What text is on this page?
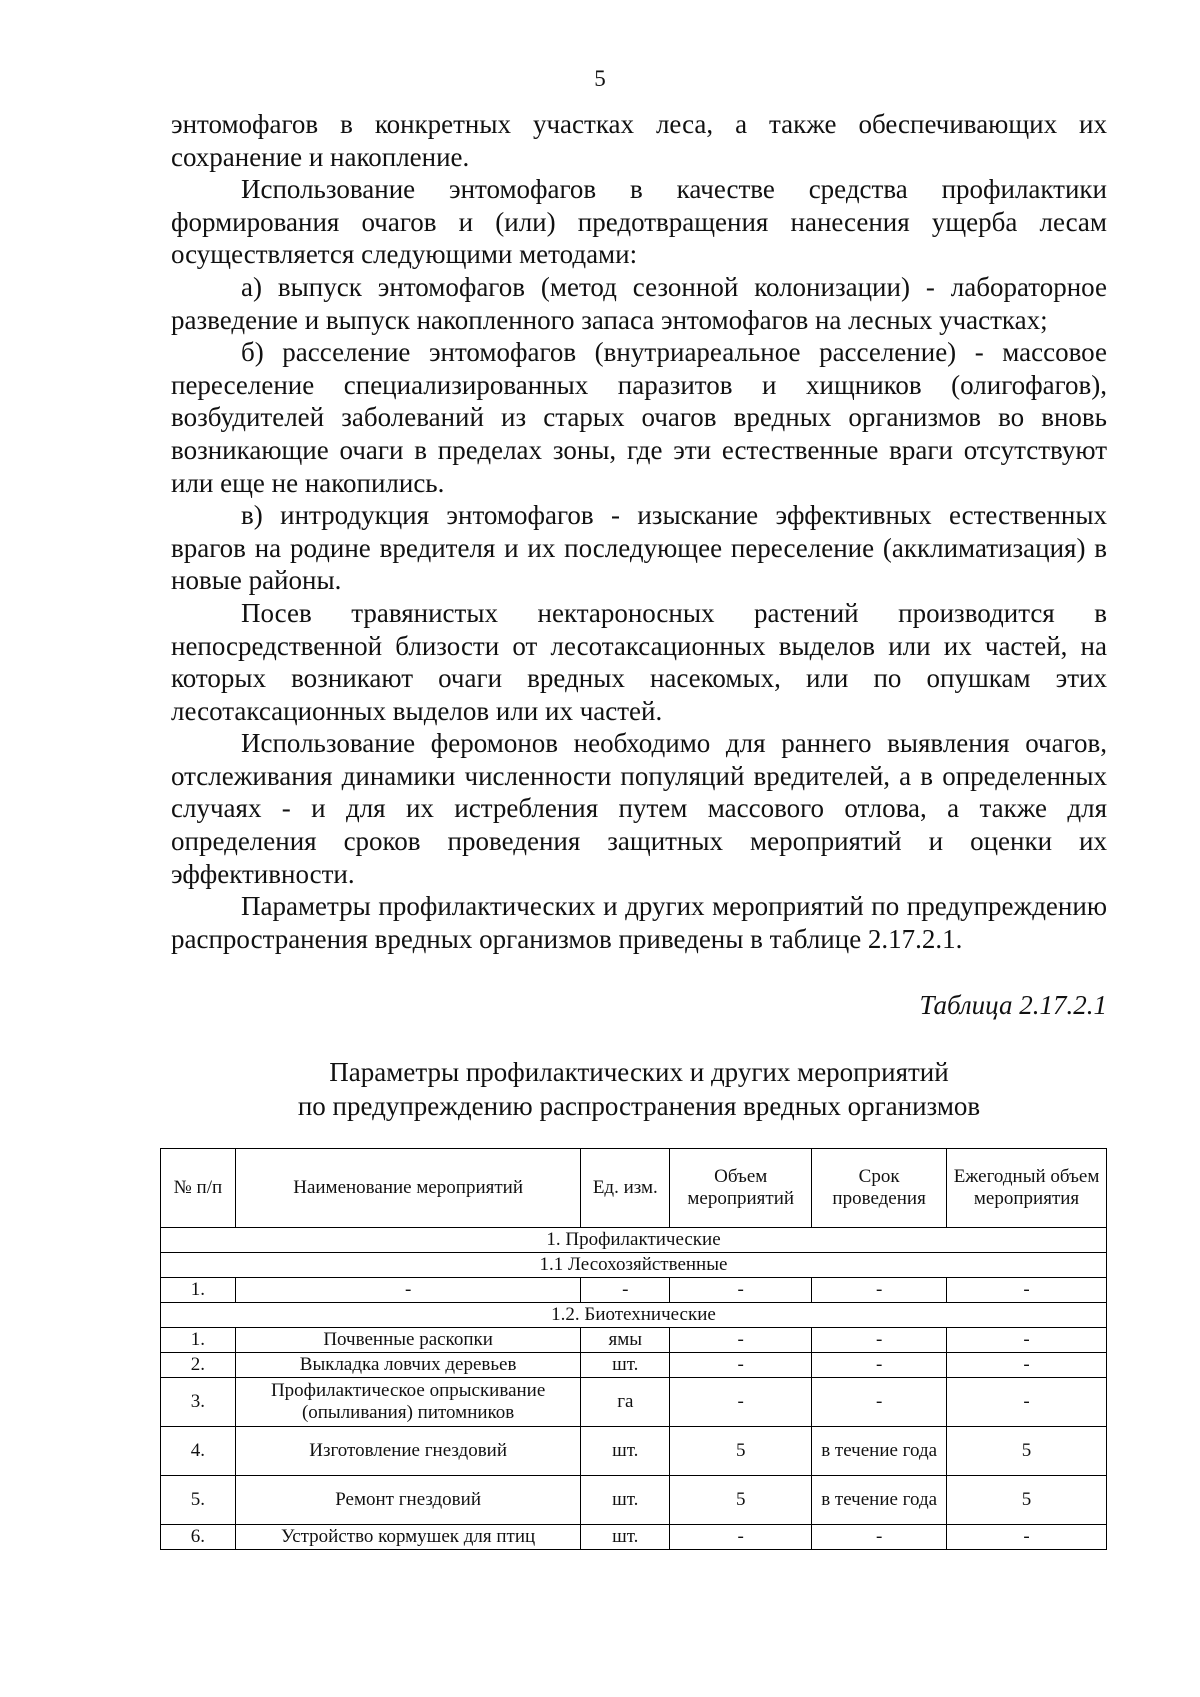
5

энтомофагов в конкретных участках леса, а также обеспечивающих их сохранение и накопление.

Использование энтомофагов в качестве средства профилактики формирования очагов и (или) предотвращения нанесения ущерба лесам осуществляется следующими методами:

а) выпуск энтомофагов (метод сезонной колонизации) - лабораторное разведение и выпуск накопленного запаса энтомофагов на лесных участках;

б) расселение энтомофагов (внутриареальное расселение) - массовое переселение специализированных паразитов и хищников (олигофагов), возбудителей заболеваний из старых очагов вредных организмов во вновь возникающие очаги в пределах зоны, где эти естественные враги отсутствуют или еще не накопились.

в) интродукция энтомофагов - изыскание эффективных естественных врагов на родине вредителя и их последующее переселение (акклиматизация) в новые районы.

Посев травянистых нектароносных растений производится в непосредственной близости от лесотаксационных выделов или их частей, на которых возникают очаги вредных насекомых, или по опушкам этих лесотаксационных выделов или их частей.

Использование феромонов необходимо для раннего выявления очагов, отслеживания динамики численности популяций вредителей, а в определенных случаях - и для их истребления путем массового отлова, а также для определения сроков проведения защитных мероприятий и оценки их эффективности.

Параметры профилактических и других мероприятий по предупреждению распространения вредных организмов приведены в таблице 2.17.2.1.

Таблица 2.17.2.1
Параметры профилактических и других мероприятий
по предупреждению распространения вредных организмов
№ п/п	Наименование мероприятий	Ед. изм.	Объем мероприятий	Срок проведения	Ежегодный объем мероприятия
1. Профилактические					
1.1 Лесохозяйственные					
1.	-	-	-	-	-
1.2. Биотехнические					
1.	Почвенные раскопки	ямы	-	-	-
2.	Выкладка ловчих деревьев	шт.	-	-	-
3.	Профилактическое опрыскивание (опыливания) питомников	га	-	-	-
4.	Изготовление гнездовий	шт.	5	в течение года	5
5.	Ремонт гнездовий	шт.	5	в течение года	5
6.	Устройство кормушек для птиц	шт.	-	-	-
